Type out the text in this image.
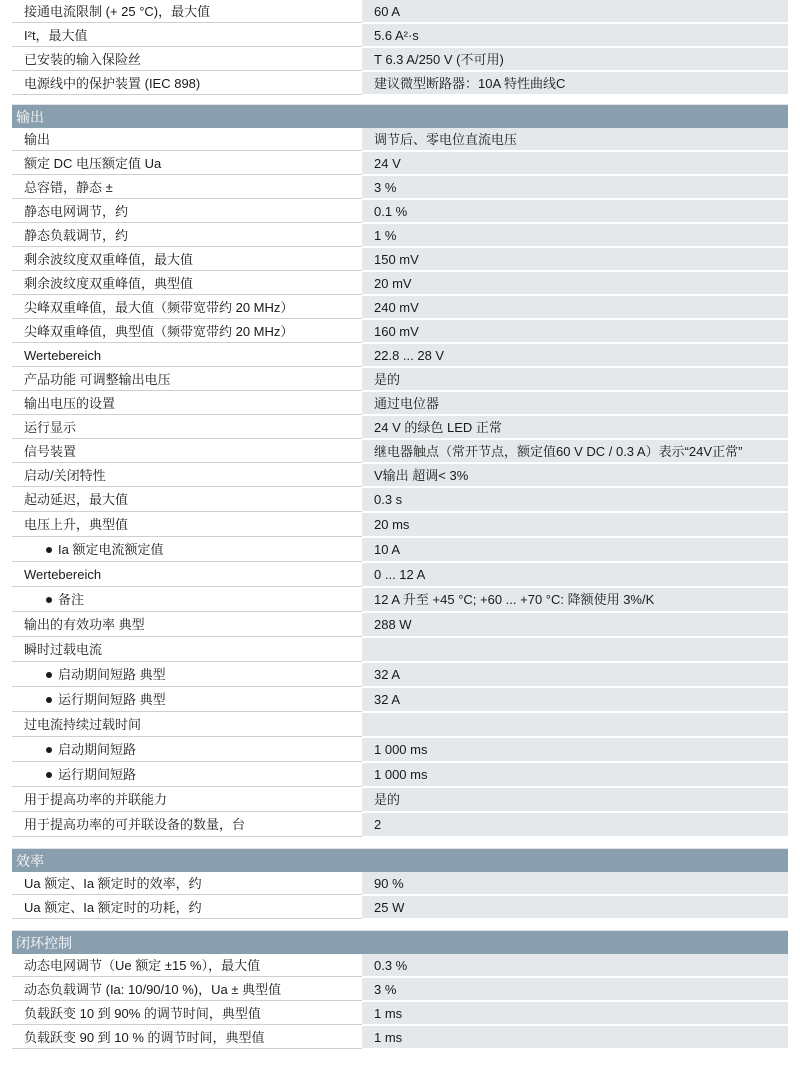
接通电流限制 (+ 25 °C)，最大值	60 A
I²t，最大值	5.6 A²·s
已安装的输入保险丝	T 6.3 A/250 V (不可用)
电源线中的保护装置 (IEC 898)	建议微型断路器：10A 特性曲线C
输出
输出	调节后、零电位直流电压
额定 DC 电压额定值 Ua	24 V
总容错，静态 ±	3 %
静态电网调节，约	0.1 %
静态负载调节，约	1 %
剩余波纹度双重峰值，最大值	150 mV
剩余波纹度双重峰值，典型值	20 mV
尖峰双重峰值，最大值（频带宽带约 20 MHz）	240 mV
尖峰双重峰值，典型值（频带宽带约 20 MHz）	160 mV
Wertebereich	22.8 ... 28 V
产品功能 可调整输出电压	是的
输出电压的设置	通过电位器
运行显示	24 V 的绿色 LED 正常
信号装置	继电器触点（常开节点，额定值60 V DC / 0.3 A）表示“24V正常”
启动/关闭特性	V输出 超调< 3%
起动延迟，最大值	0.3 s
电压上升，典型值	20 ms
Ia 额定电流额定值	10 A
Wertebereich	0 ... 12 A
备注	12 A 升至 +45 °C; +60 ... +70 °C: 降额使用 3%/K
输出的有效功率 典型	288 W
瞬时过载电流
启动期间短路 典型	32 A
运行期间短路 典型	32 A
过电流持续过载时间
启动期间短路	1 000 ms
运行期间短路	1 000 ms
用于提高功率的并联能力	是的
用于提高功率的可并联设备的数量，台	2
效率
Ua 额定、Ia 额定时的效率，约	90 %
Ua 额定、Ia 额定时的功耗，约	25 W
闭环控制
动态电网调节（Ue 额定 ±15 %），最大值	0.3 %
动态负载调节 (Ia: 10/90/10 %)，Ua ± 典型值	3 %
负载跃变 10 到 90% 的调节时间，典型值	1 ms
负载跃变 90 到 10 % 的调节时间，典型值	1 ms
